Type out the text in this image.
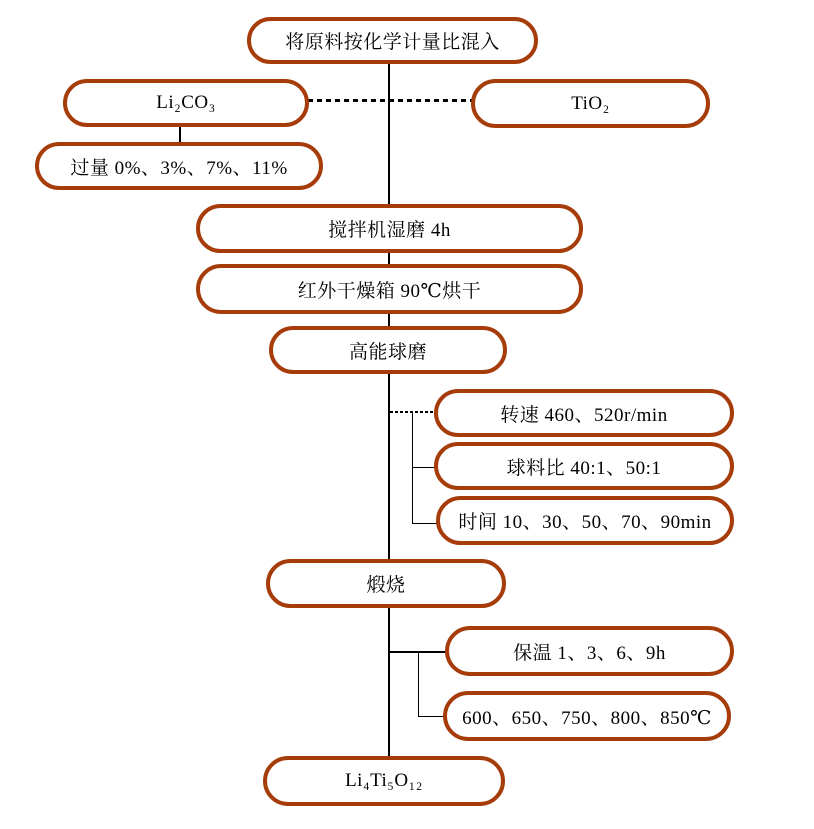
将原料按化学计量比混入
Li₂CO₃	TiO₂
过量 0%、3%、7%、11%
搅拌机湿磨 4h
红外干燥箱 90℃烘干
高能球磨
转速 460、520r/min
球料比 40:1、50:1
时间 10、30、50、70、90min
煅烧
保温 1、3、6、9h
600、650、750、800、850℃
Li₄Ti₅O₁₂
